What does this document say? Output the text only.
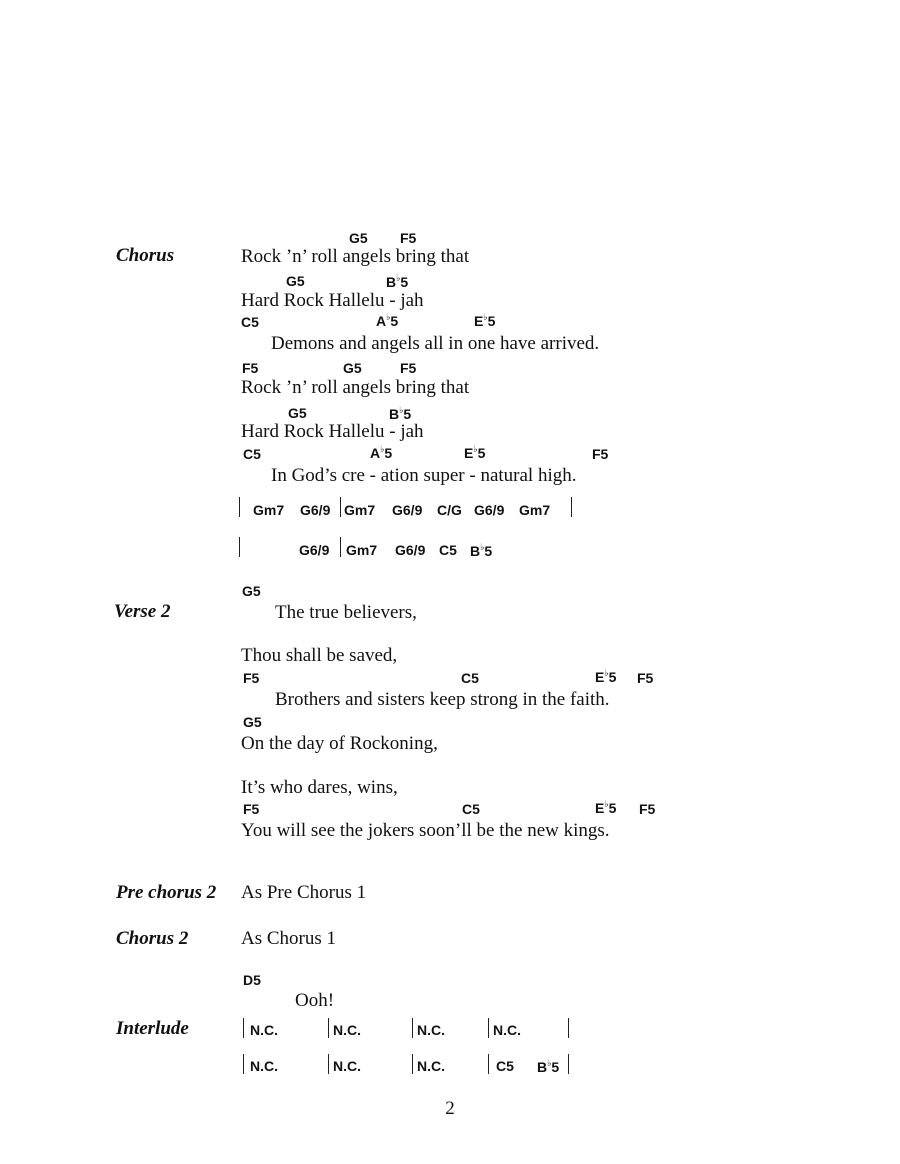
Chorus
Verse 2
Pre chorus 2
Chorus 2
Interlude
G5 F5
Rock ’n’ roll angels bring that
G5	B♭5
Hard Rock Hallelu - jah
C5	A♭5	E♭5
Demons and angels all in one have arrived.
F5	G5	F5
Rock ’n’ roll angels bring that
G5	B♭5
Hard Rock Hallelu - jah
C5	A♭5	E♭5	F5
In God’s cre - ation super - natural high.
Gm7 G6/9 Gm7 G6/9 C/G G6/9 Gm7
G6/9 Gm7 G6/9 C5 B♭5
G5
The true believers,
Thou shall be saved,
F5	C5	E♭5 F5
Brothers and sisters keep strong in the faith.
G5
On the day of Rockoning,
It’s who dares, wins,
F5	C5	E♭5 F5
You will see the jokers soon’ll be the new kings.
As Pre Chorus 1
As Chorus 1
D5
Ooh!
N.C.	N.C.	N.C.	N.C.
N.C.	N.C.	N.C.	C5 B♭5
2
